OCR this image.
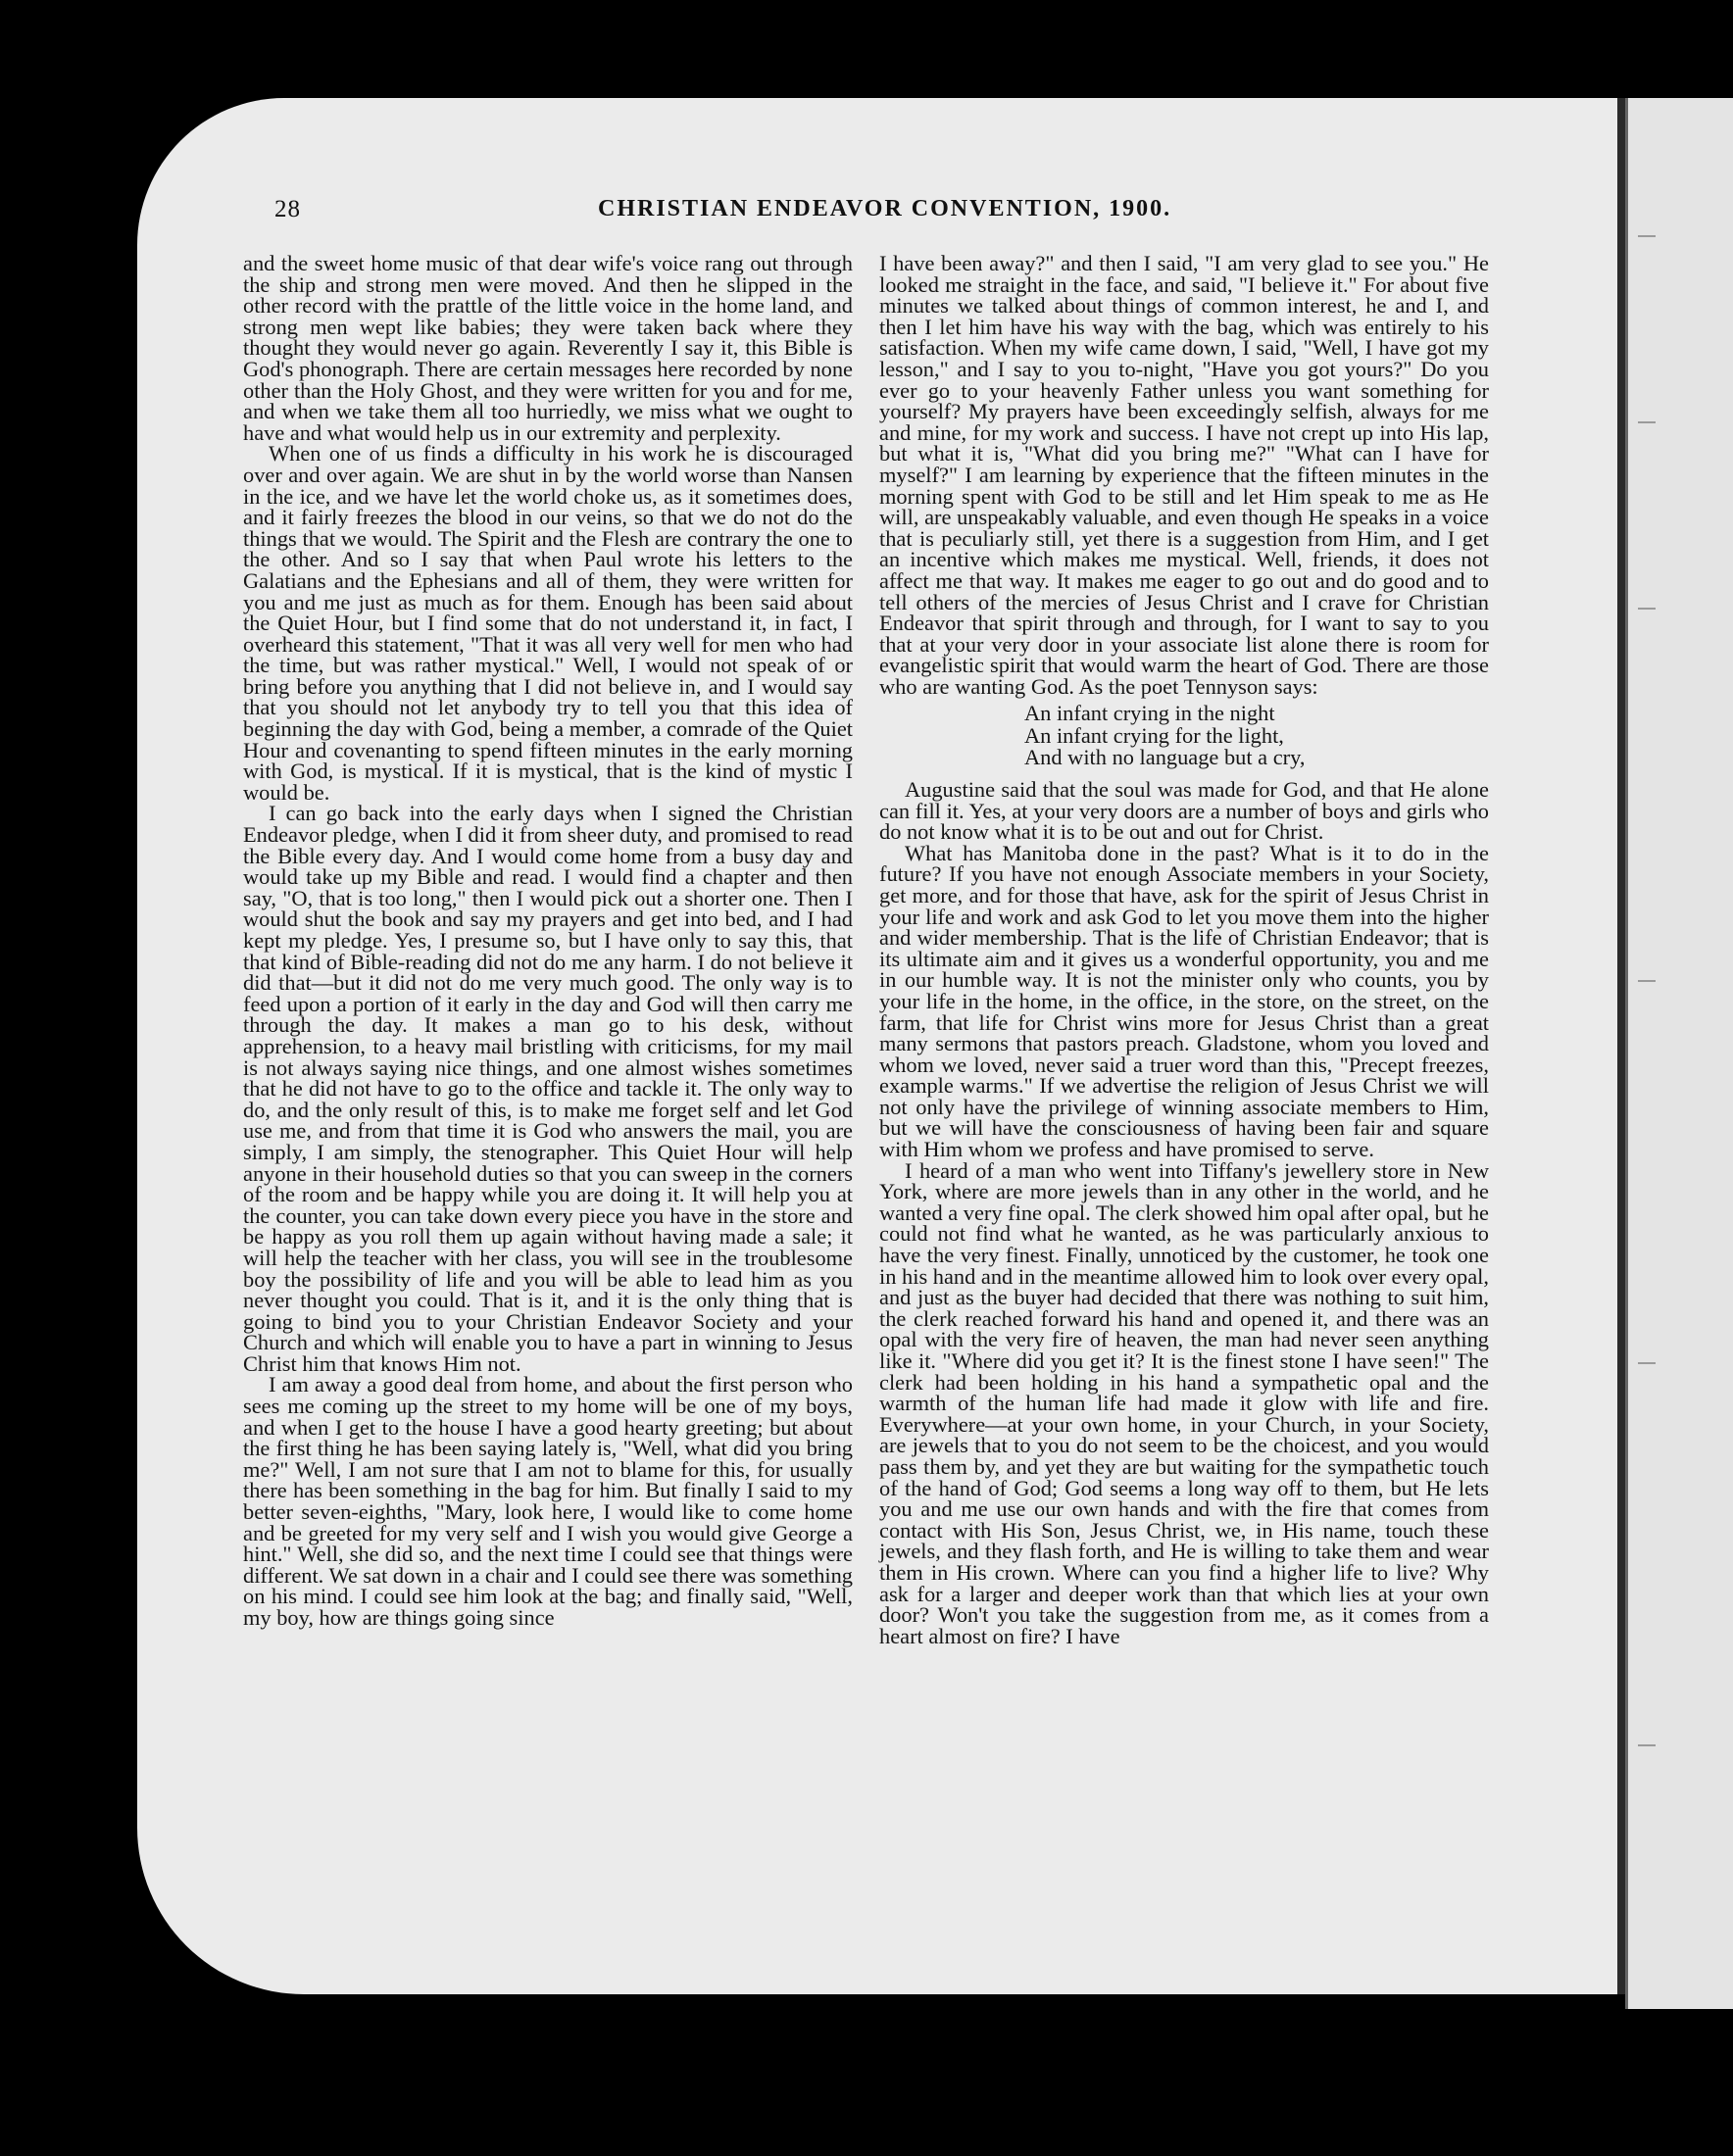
28	CHRISTIAN ENDEAVOR CONVENTION, 1900.

and the sweet home music of that dear wife's voice rang out through the ship and strong men were moved. And then he slipped in the other record with the prattle of the little voice in the home land, and strong men wept like babies; they were taken back where they thought they would never go again. Reverently I say it, this Bible is God's phonograph. There are certain messages here recorded by none other than the Holy Ghost, and they were written for you and for me, and when we take them all too hurriedly, we miss what we ought to have and what would help us in our extremity and perplexity.

When one of us finds a difficulty in his work he is discouraged over and over again. We are shut in by the world worse than Nansen in the ice, and we have let the world choke us, as it sometimes does, and it fairly freezes the blood in our veins, so that we do not do the things that we would. The Spirit and the Flesh are contrary the one to the other. And so I say that when Paul wrote his letters to the Galatians and the Ephesians and all of them, they were written for you and me just as much as for them. Enough has been said about the Quiet Hour, but I find some that do not understand it, in fact, I overheard this statement, "That it was all very well for men who had the time, but was rather mystical." Well, I would not speak of or bring before you anything that I did not believe in, and I would say that you should not let anybody try to tell you that this idea of beginning the day with God, being a member, a comrade of the Quiet Hour and covenanting to spend fifteen minutes in the early morning with God, is mystical. If it is mystical, that is the kind of mystic I would be.

I can go back into the early days when I signed the Christian Endeavor pledge, when I did it from sheer duty, and promised to read the Bible every day. And I would come home from a busy day and would take up my Bible and read. I would find a chapter and then say, "O, that is too long," then I would pick out a shorter one. Then I would shut the book and say my prayers and get into bed, and I had kept my pledge. Yes, I presume so, but I have only to say this, that that kind of Bible-reading did not do me any harm. I do not believe it did that—but it did not do me very much good. The only way is to feed upon a portion of it early in the day and God will then carry me through the day. It makes a man go to his desk, without apprehension, to a heavy mail bristling with criticisms, for my mail is not always saying nice things, and one almost wishes sometimes that he did not have to go to the office and tackle it. The only way to do, and the only result of this, is to make me forget self and let God use me, and from that time it is God who answers the mail, you are simply, I am simply, the stenographer. This Quiet Hour will help anyone in their household duties so that you can sweep in the corners of the room and be happy while you are doing it. It will help you at the counter, you can take down every piece you have in the store and be happy as you roll them up again without having made a sale; it will help the teacher with her class, you will see in the troublesome boy the possibility of life and you will be able to lead him as you never thought you could. That is it, and it is the only thing that is going to bind you to your Christian Endeavor Society and your Church and which will enable you to have a part in winning to Jesus Christ him that knows Him not.

I am away a good deal from home, and about the first person who sees me coming up the street to my home will be one of my boys, and when I get to the house I have a good hearty greeting; but about the first thing he has been saying lately is, "Well, what did you bring me?" Well, I am not sure that I am not to blame for this, for usually there has been something in the bag for him. But finally I said to my better seven-eighths, "Mary, look here, I would like to come home and be greeted for my very self and I wish you would give George a hint." Well, she did so, and the next time I could see that things were different. We sat down in a chair and I could see there was something on his mind. I could see him look at the bag; and finally said, "Well, my boy, how are things going since

I have been away?" and then I said, "I am very glad to see you." He looked me straight in the face, and said, "I believe it." For about five minutes we talked about things of common interest, he and I, and then I let him have his way with the bag, which was entirely to his satisfaction. When my wife came down, I said, "Well, I have got my lesson," and I say to you to-night, "Have you got yours?" Do you ever go to your heavenly Father unless you want something for yourself? My prayers have been exceedingly selfish, always for me and mine, for my work and success. I have not crept up into His lap, but what it is, "What did you bring me?" "What can I have for myself?" I am learning by experience that the fifteen minutes in the morning spent with God to be still and let Him speak to me as He will, are unspeakably valuable, and even though He speaks in a voice that is peculiarly still, yet there is a suggestion from Him, and I get an incentive which makes me mystical. Well, friends, it does not affect me that way. It makes me eager to go out and do good and to tell others of the mercies of Jesus Christ and I crave for Christian Endeavor that spirit through and through, for I want to say to you that at your very door in your associate list alone there is room for evangelistic spirit that would warm the heart of God. There are those who are wanting God. As the poet Tennyson says:

An infant crying in the night
An infant crying for the light,
And with no language but a cry,

Augustine said that the soul was made for God, and that He alone can fill it. Yes, at your very doors are a number of boys and girls who do not know what it is to be out and out for Christ.

What has Manitoba done in the past? What is it to do in the future? If you have not enough Associate members in your Society, get more, and for those that have, ask for the spirit of Jesus Christ in your life and work and ask God to let you move them into the higher and wider membership. That is the life of Christian Endeavor; that is its ultimate aim and it gives us a wonderful opportunity, you and me in our humble way. It is not the minister only who counts, you by your life in the home, in the office, in the store, on the street, on the farm, that life for Christ wins more for Jesus Christ than a great many sermons that pastors preach. Gladstone, whom you loved and whom we loved, never said a truer word than this, "Precept freezes, example warms." If we advertise the religion of Jesus Christ we will not only have the privilege of winning associate members to Him, but we will have the consciousness of having been fair and square with Him whom we profess and have promised to serve.

I heard of a man who went into Tiffany's jewellery store in New York, where are more jewels than in any other in the world, and he wanted a very fine opal. The clerk showed him opal after opal, but he could not find what he wanted, as he was particularly anxious to have the very finest. Finally, unnoticed by the customer, he took one in his hand and in the meantime allowed him to look over every opal, and just as the buyer had decided that there was nothing to suit him, the clerk reached forward his hand and opened it, and there was an opal with the very fire of heaven, the man had never seen anything like it. "Where did you get it? It is the finest stone I have seen!" The clerk had been holding in his hand a sympathetic opal and the warmth of the human life had made it glow with life and fire. Everywhere—at your own home, in your Church, in your Society, are jewels that to you do not seem to be the choicest, and you would pass them by, and yet they are but waiting for the sympathetic touch of the hand of God; God seems a long way off to them, but He lets you and me use our own hands and with the fire that comes from contact with His Son, Jesus Christ, we, in His name, touch these jewels, and they flash forth, and He is willing to take them and wear them in His crown. Where can you find a higher life to live? Why ask for a larger and deeper work than that which lies at your own door? Won't you take the suggestion from me, as it comes from a heart almost on fire? I have
